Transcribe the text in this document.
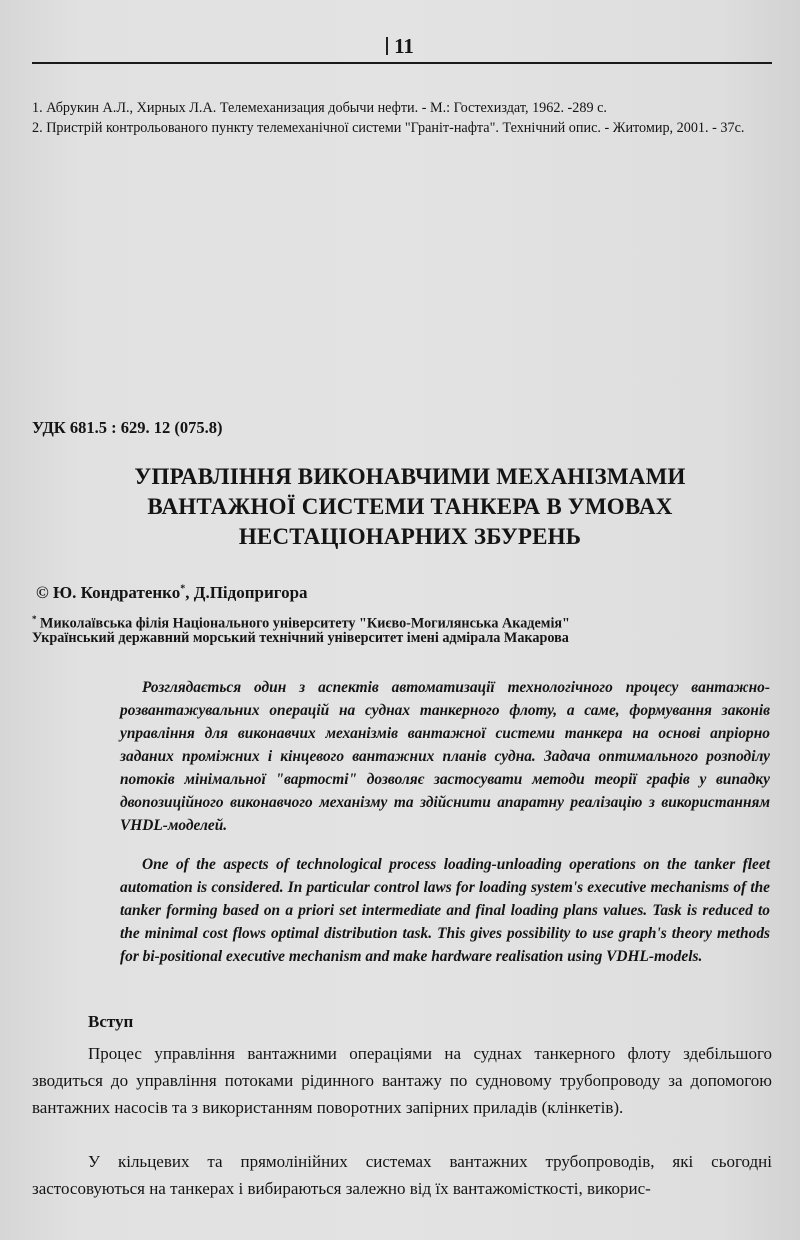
11

1. Абрукин А.Л., Хирных Л.А. Телемеханизация добычи нефти. - М.: Гостехиздат, 1962. -289 с.

2. Пристрій контрольованого пункту телемеханічної системи "Граніт-нафта". Технічний опис. - Житомир, 2001. - 37с.

УДК 681.5 : 629. 12 (075.8)
УПРАВЛІННЯ ВИКОНАВЧИМИ МЕХАНІЗМАМИ
ВАНТАЖНОЇ СИСТЕМИ ТАНКЕРА В УМОВАХ
НЕСТАЦІОНАРНИХ ЗБУРЕНЬ
© Ю. Кондратенко*, Д.Підопригора
* Миколаївська філія Національного університету "Києво-Могилянська Академія"
Український державний морський технічний університет імені адмірала Макарова
Розглядається один з аспектів автоматизації технологічного процесу вантажно-розвантажувальних операцій на суднах танкерного флоту, а саме, формування законів управління для виконавчих механізмів вантажної системи танкера на основі апріорно заданих проміжних і кінцевого вантажних планів судна. Задача оптимального розподілу потоків мінімальної "вартості" дозволяє застосувати методи теорії графів у випадку двопозиційного виконавчого механізму та здійснити апаратну реалізацію з використанням VHDL-моделей.
One of the aspects of technological process loading-unloading operations on the tanker fleet automation is considered. In particular control laws for loading system's executive mechanisms of the tanker forming based on a priori set intermediate and final loading plans values. Task is reduced to the minimal cost flows optimal distribution task. This gives possibility to use graph's theory methods for bi-positional executive mechanism and make hardware realisation using VDHL-models.
Вступ
Процес управління вантажними операціями на суднах танкерного флоту здебільшого зводиться до управління потоками рідинного вантажу по судновому трубопроводу за допомогою вантажних насосів та з використанням поворотних запірних приладів (клінкетів).
У кільцевих та прямолінійних системах вантажних трубопроводів, які сьогодні застосовуються на танкерах і вибираються залежно від їх вантажомісткості, викорис-
